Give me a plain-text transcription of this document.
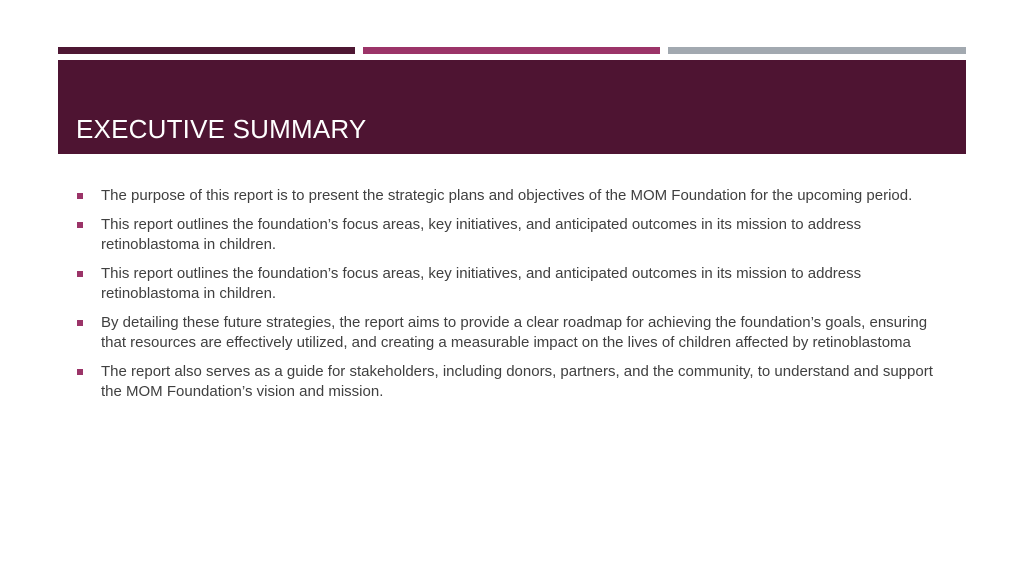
EXECUTIVE SUMMARY
The purpose of this report is to present the strategic plans and objectives of the MOM Foundation for the upcoming period.
This report outlines the foundation’s focus areas, key initiatives, and anticipated outcomes in its mission to address retinoblastoma in children.
This report outlines the foundation’s focus areas, key initiatives, and anticipated outcomes in its mission to address retinoblastoma in children.
By detailing these future strategies, the report aims to provide a clear roadmap for achieving the foundation’s goals, ensuring that resources are effectively utilized, and creating a measurable impact on the lives of children affected by retinoblastoma
The report also serves as a guide for stakeholders, including donors, partners, and the community, to understand and support the MOM Foundation’s vision and mission.
